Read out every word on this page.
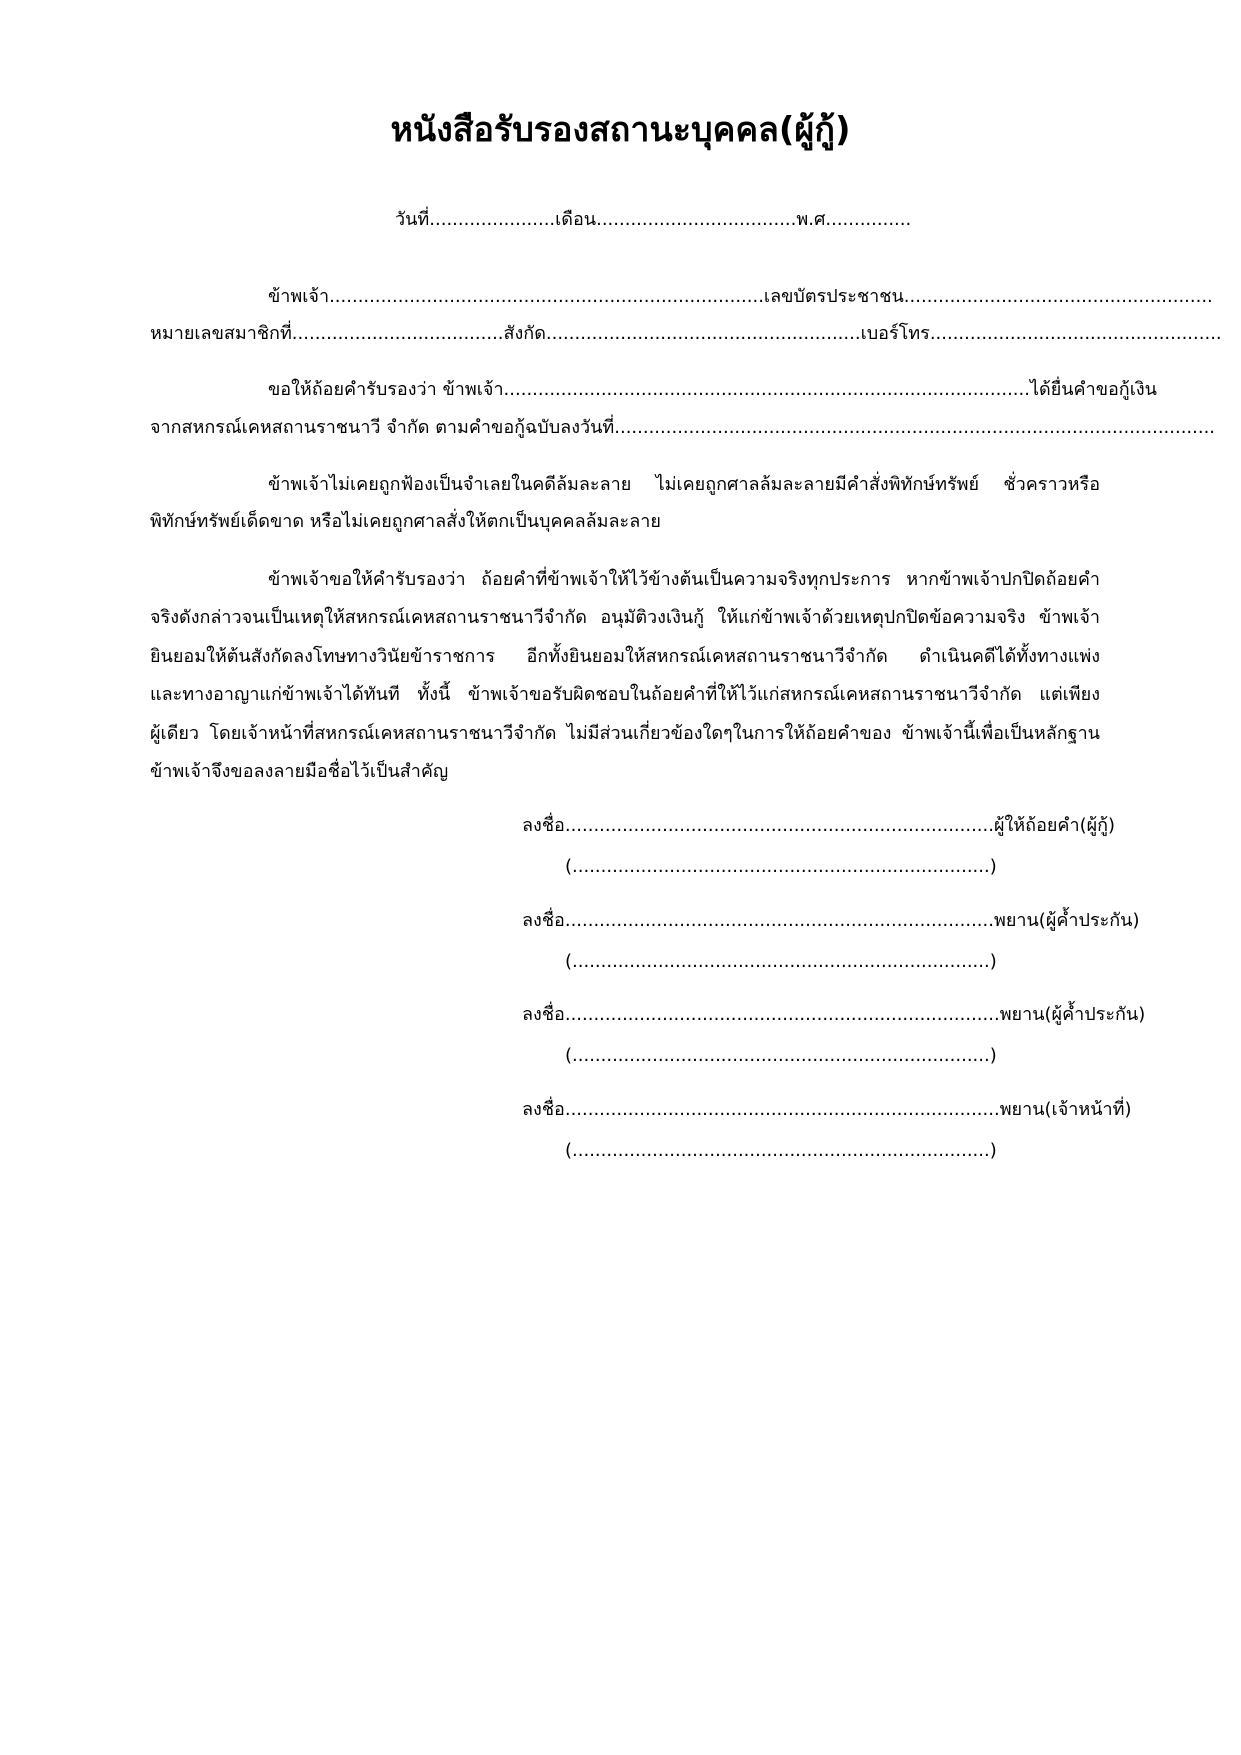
หนังสือรับรองสถานะบุคคล(ผู้กู้)
วันที่......................เดือน...................................พ.ศ...............
ข้าพเจ้า............................................................................เลขบัตรประชาชน......................................................
หมายเลขสมาชิกที่.....................................สังกัด.......................................................เบอร์โทร...................................................
ขอให้ถ้อยคำรับรองว่า ข้าพเจ้า............................................................................................ได้ยื่นคำขอกู้เงิน
จากสหกรณ์เคหสถานราชนาวี จำกัด ตามคำขอกู้ฉบับลงวันที่.........................................................................................................
ข้าพเจ้าไม่เคยถูกฟ้องเป็นจำเลยในคดีล้มละลาย ไม่เคยถูกศาลล้มละลายมีคำสั่งพิทักษ์ทรัพย์ ชั่วคราวหรือ
พิทักษ์ทรัพย์เด็ดขาด หรือไม่เคยถูกศาลสั่งให้ตกเป็นบุคคลล้มละลาย
ข้าพเจ้าขอให้คำรับรองว่า ถ้อยคำที่ข้าพเจ้าให้ไว้ข้างต้นเป็นความจริงทุกประการ หากข้าพเจ้าปกปิดถ้อยคำ
จริงดังกล่าวจนเป็นเหตุให้สหกรณ์เคหสถานราชนาวีจำกัด อนุมัติวงเงินกู้ ให้แก่ข้าพเจ้าด้วยเหตุปกปิดข้อความจริง ข้าพเจ้า
ยินยอมให้ต้นสังกัดลงโทษทางวินัยข้าราชการ อีกทั้งยินยอมให้สหกรณ์เคหสถานราชนาวีจำกัด ดำเนินคดีได้ทั้งทางแพ่ง
และทางอาญาแก่ข้าพเจ้าได้ทันที ทั้งนี้ ข้าพเจ้าขอรับผิดชอบในถ้อยคำที่ให้ไว้แก่สหกรณ์เคหสถานราชนาวีจำกัด แต่เพียง
ผู้เดียว โดยเจ้าหน้าที่สหกรณ์เคหสถานราชนาวีจำกัด ไม่มีส่วนเกี่ยวข้องใดๆในการให้ถ้อยคำของ ข้าพเจ้านี้เพื่อเป็นหลักฐาน
ข้าพเจ้าจึงขอลงลายมือชื่อไว้เป็นสำคัญ
ลงชื่อ...........................................................................ผู้ให้ถ้อยคำ(ผู้กู้)
(.........................................................................)
ลงชื่อ...........................................................................พยาน(ผู้ค้ำประกัน)
(.........................................................................)
ลงชื่อ............................................................................พยาน(ผู้ค้ำประกัน)
(.........................................................................)
ลงชื่อ............................................................................พยาน(เจ้าหน้าที่)
(.........................................................................)
